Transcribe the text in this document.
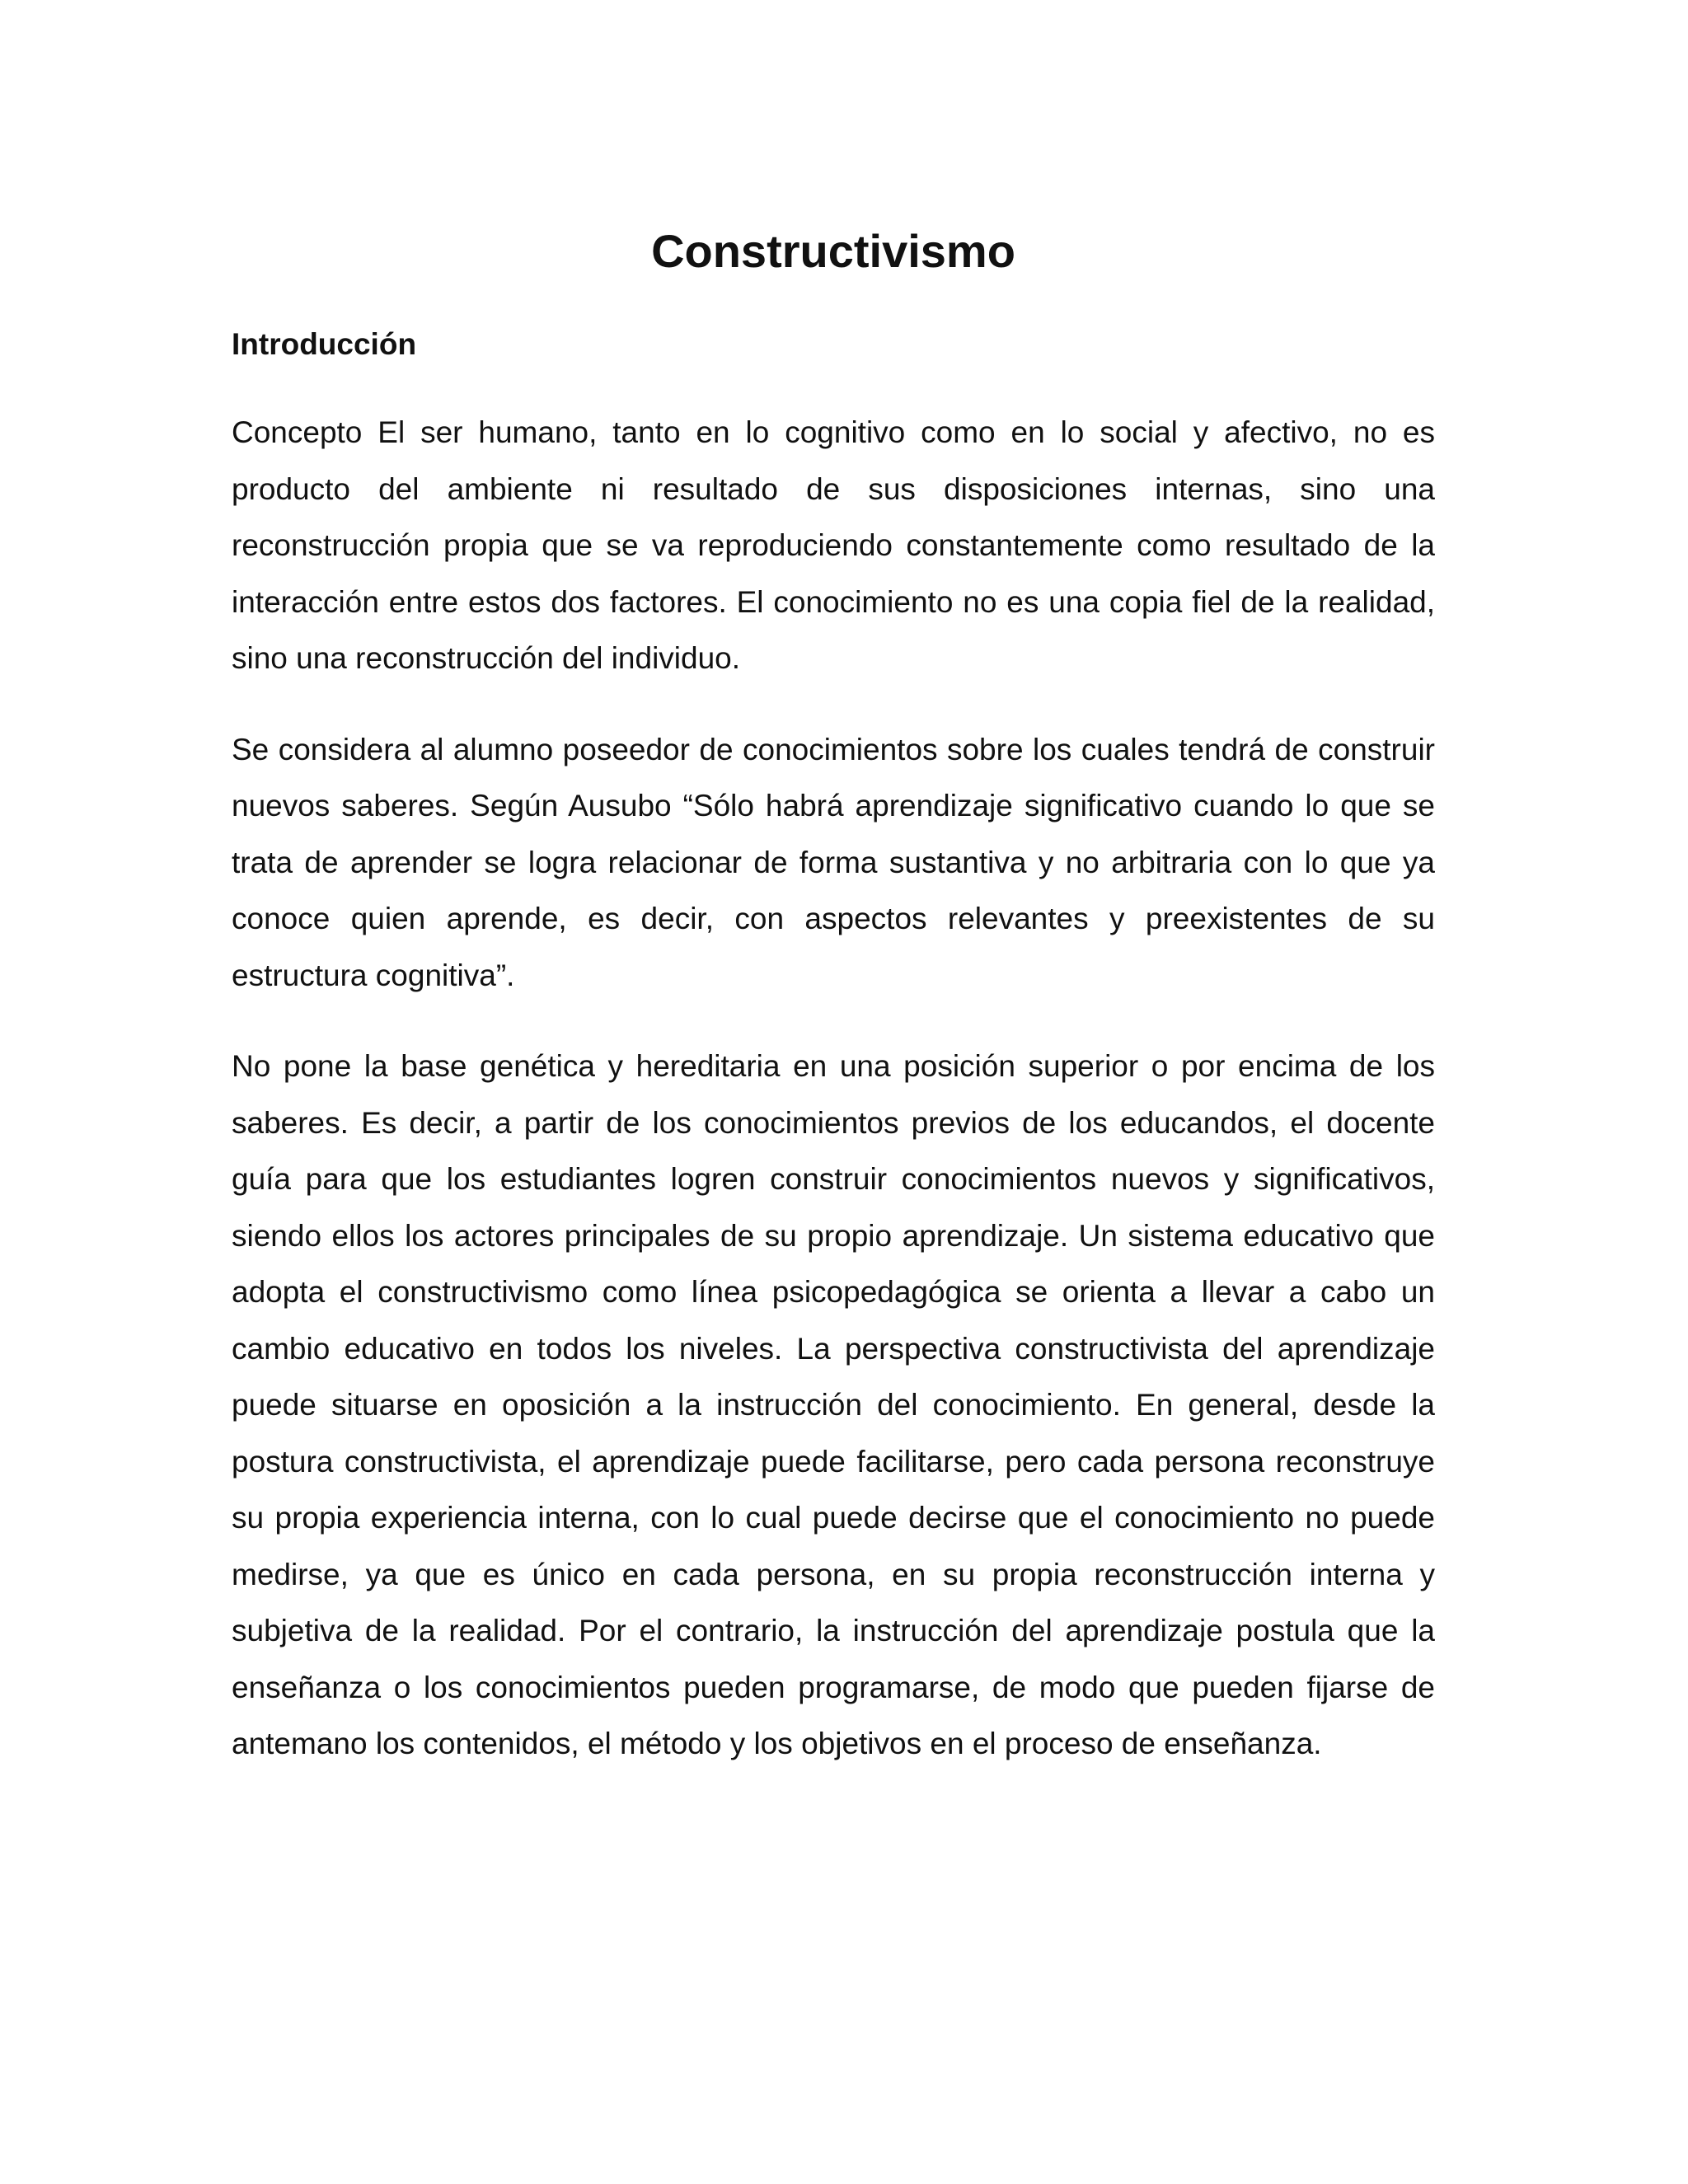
Constructivismo
Introducción

Concepto El ser humano, tanto en lo cognitivo como en lo social y afectivo, no es producto del ambiente ni resultado de sus disposiciones internas, sino una reconstrucción propia que se va reproduciendo constantemente como resultado de la interacción entre estos dos factores. El conocimiento no es una copia fiel de la realidad, sino una reconstrucción del individuo.

Se considera al alumno poseedor de conocimientos sobre los cuales tendrá de construir nuevos saberes. Según Ausubo “Sólo habrá aprendizaje significativo cuando lo que se trata de aprender se logra relacionar de forma sustantiva y no arbitraria con lo que ya conoce quien aprende, es decir, con aspectos relevantes y preexistentes de su estructura cognitiva”.

No pone la base genética y hereditaria en una posición superior o por encima de los saberes. Es decir, a partir de los conocimientos previos de los educandos, el docente guía para que los estudiantes logren construir conocimientos nuevos y significativos, siendo ellos los actores principales de su propio aprendizaje. Un sistema educativo que adopta el constructivismo como línea psicopedagógica se orienta a llevar a cabo un cambio educativo en todos los niveles. La perspectiva constructivista del aprendizaje puede situarse en oposición a la instrucción del conocimiento. En general, desde la postura constructivista, el aprendizaje puede facilitarse, pero cada persona reconstruye su propia experiencia interna, con lo cual puede decirse que el conocimiento no puede medirse, ya que es único en cada persona, en su propia reconstrucción interna y subjetiva de la realidad. Por el contrario, la instrucción del aprendizaje postula que la enseñanza o los conocimientos pueden programarse, de modo que pueden fijarse de antemano los contenidos, el método y los objetivos en el proceso de enseñanza.
